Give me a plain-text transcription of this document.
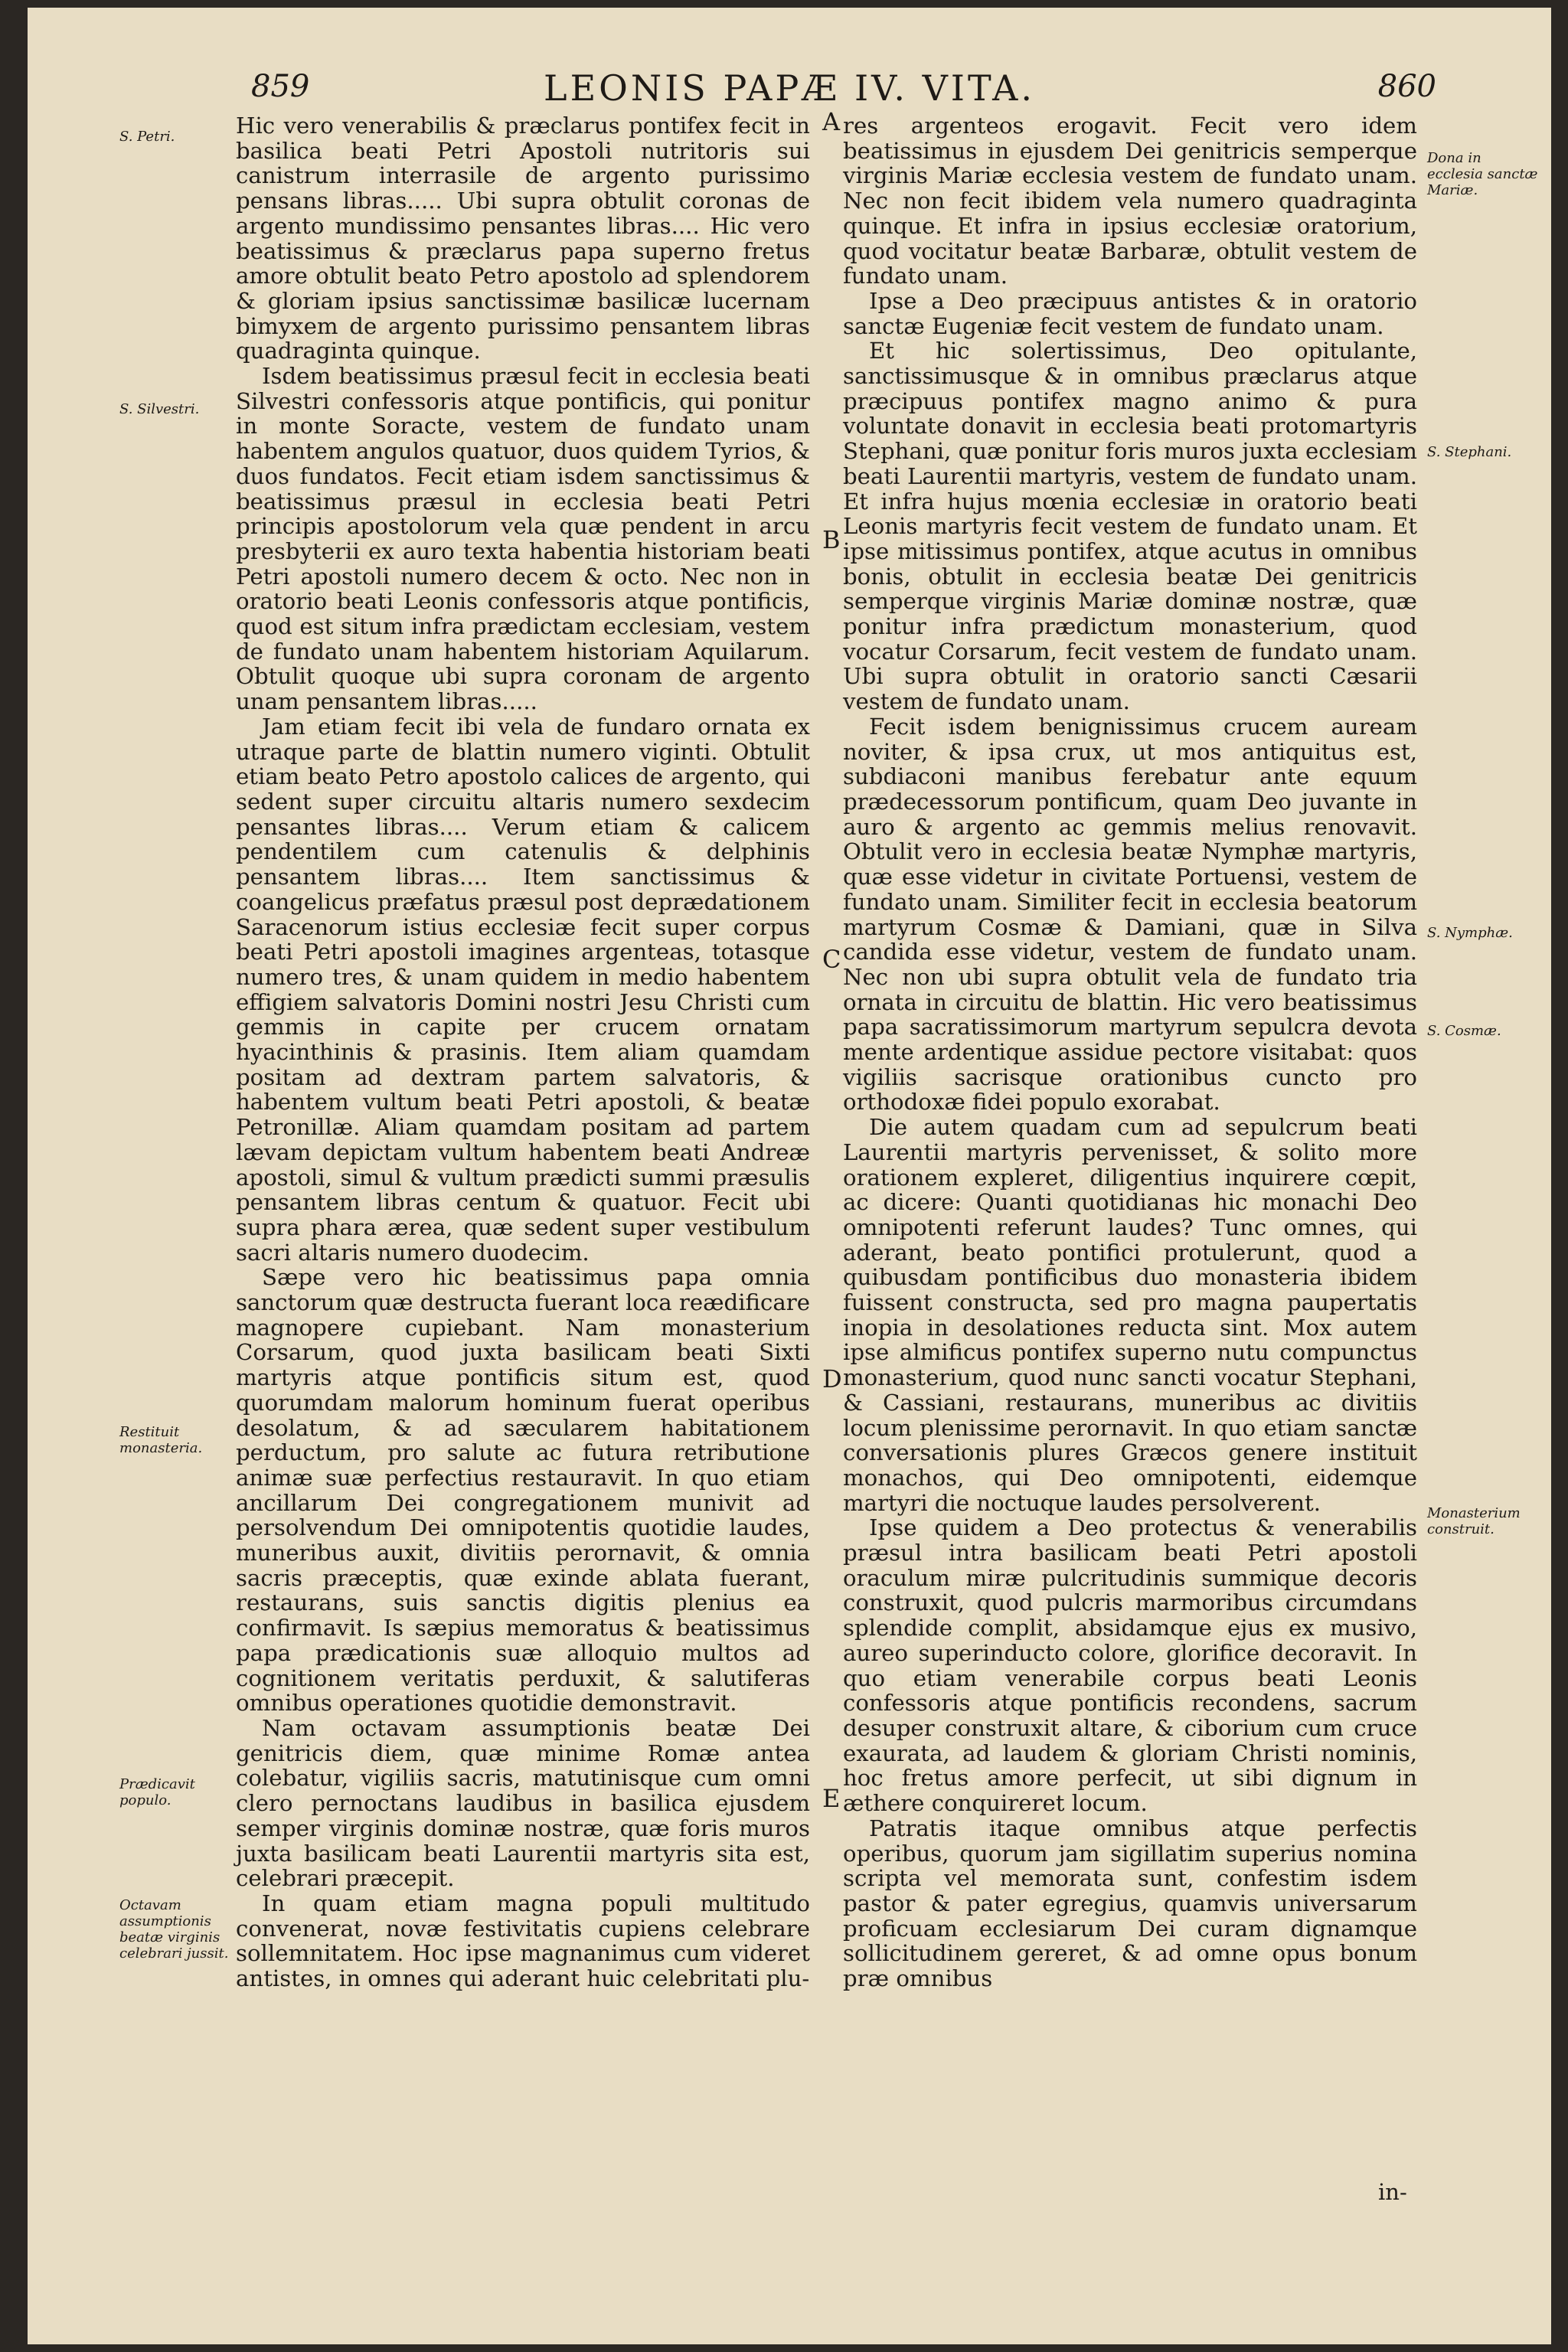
859	LEONIS PAPÆ IV. VITA.	860
S. Petri.
S. Silvestri.
Restituit monasteria.
Prædicavit populo.
Octavam assumptionis beatæ virginis celebrari jussit.
Dona in ecclesia sanctæ Mariæ.
S. Stephani.
S. Nymphæ.
S. Cosmæ.
Monasterium construit.
A
B
C
D
E

Hic vero venerabilis & præclarus pontifex fecit in basilica beati Petri Apostoli nutritoris sui canistrum interrasile de argento purissimo pensans libras..... Ubi supra obtulit coronas de argento mundissimo pensantes libras.... Hic vero beatissimus & præclarus papa superno fretus amore obtulit beato Petro apostolo ad splendorem & gloriam ipsius sanctissimæ basilicæ lucernam bimyxem de argento purissimo pensantem libras quadraginta quinque.

Isdem beatissimus præsul fecit in ecclesia beati Silvestri confessoris atque pontificis, qui ponitur in monte Soracte, vestem de fundato unam habentem angulos quatuor, duos quidem Tyrios, & duos fundatos. Fecit etiam isdem sanctissimus & beatissimus præsul in ecclesia beati Petri principis apostolorum vela quæ pendent in arcu presbyterii ex auro texta habentia historiam beati Petri apostoli numero decem & octo. Nec non in oratorio beati Leonis confessoris atque pontificis, quod est situm infra prædictam ecclesiam, vestem de fundato unam habentem historiam Aquilarum. Obtulit quoque ubi supra coronam de argento unam pensantem libras.....

Jam etiam fecit ibi vela de fundaro ornata ex utraque parte de blattin numero viginti. Obtulit etiam beato Petro apostolo calices de argento, qui sedent super circuitu altaris numero sexdecim pensantes libras.... Verum etiam & calicem pendentilem cum catenulis & delphinis pensantem libras.... Item sanctissimus & coangelicus præfatus præsul post deprædationem Saracenorum istius ecclesiæ fecit super corpus beati Petri apostoli imagines argenteas, totasque numero tres, & unam quidem in medio habentem effigiem salvatoris Domini nostri Jesu Christi cum gemmis in capite per crucem ornatam hyacinthinis & prasinis. Item aliam quamdam positam ad dextram partem salvatoris, & habentem vultum beati Petri apostoli, & beatæ Petronillæ. Aliam quamdam positam ad partem lævam depictam vultum habentem beati Andreæ apostoli, simul & vultum prædicti summi præsulis pensantem libras centum & quatuor. Fecit ubi supra phara ærea, quæ sedent super vestibulum sacri altaris numero duodecim.

Sæpe vero hic beatissimus papa omnia sanctorum quæ destructa fuerant loca reædificare magnopere cupiebant. Nam monasterium Corsarum, quod juxta basilicam beati Sixti martyris atque pontificis situm est, quod quorumdam malorum hominum fuerat operibus desolatum, & ad sæcularem habitationem perductum, pro salute ac futura retributione animæ suæ perfectius restauravit. In quo etiam ancillarum Dei congregationem munivit ad persolvendum Dei omnipotentis quotidie laudes, muneribus auxit, divitiis perornavit, & omnia sacris præceptis, quæ exinde ablata fuerant, restaurans, suis sanctis digitis plenius ea confirmavit. Is sæpius memoratus & beatissimus papa prædicationis suæ alloquio multos ad cognitionem veritatis perduxit, & salutiferas omnibus operationes quotidie demonstravit.

Nam octavam assumptionis beatæ Dei genitricis diem, quæ minime Romæ antea colebatur, vigiliis sacris, matutinisque cum omni clero pernoctans laudibus in basilica ejusdem semper virginis dominæ nostræ, quæ foris muros juxta basilicam beati Laurentii martyris sita est, celebrari præcepit.

In quam etiam magna populi multitudo convenerat, novæ festivitatis cupiens celebrare sollemnitatem. Hoc ipse magnanimus cum videret antistes, in omnes qui aderant huic celebritati plu-

res argenteos erogavit. Fecit vero idem beatissimus in ejusdem Dei genitricis semperque virginis Mariæ ecclesia vestem de fundato unam. Nec non fecit ibidem vela numero quadraginta quinque. Et infra in ipsius ecclesiæ oratorium, quod vocitatur beatæ Barbaræ, obtulit vestem de fundato unam.

Ipse a Deo præcipuus antistes & in oratorio sanctæ Eugeniæ fecit vestem de fundato unam.

Et hic solertissimus, Deo opitulante, sanctissimusque & in omnibus præclarus atque præcipuus pontifex magno animo & pura voluntate donavit in ecclesia beati protomartyris Stephani, quæ ponitur foris muros juxta ecclesiam beati Laurentii martyris, vestem de fundato unam. Et infra hujus mœnia ecclesiæ in oratorio beati Leonis martyris fecit vestem de fundato unam. Et ipse mitissimus pontifex, atque acutus in omnibus bonis, obtulit in ecclesia beatæ Dei genitricis semperque virginis Mariæ dominæ nostræ, quæ ponitur infra prædictum monasterium, quod vocatur Corsarum, fecit vestem de fundato unam. Ubi supra obtulit in oratorio sancti Cæsarii vestem de fundato unam.

Fecit isdem benignissimus crucem auream noviter, & ipsa crux, ut mos antiquitus est, subdiaconi manibus ferebatur ante equum prædecessorum pontificum, quam Deo juvante in auro & argento ac gemmis melius renovavit. Obtulit vero in ecclesia beatæ Nymphæ martyris, quæ esse videtur in civitate Portuensi, vestem de fundato unam. Similiter fecit in ecclesia beatorum martyrum Cosmæ & Damiani, quæ in Silva candida esse videtur, vestem de fundato unam. Nec non ubi supra obtulit vela de fundato tria ornata in circuitu de blattin. Hic vero beatissimus papa sacratissimorum martyrum sepulcra devota mente ardentique assidue pectore visitabat: quos vigiliis sacrisque orationibus cuncto pro orthodoxæ fidei populo exorabat.

Die autem quadam cum ad sepulcrum beati Laurentii martyris pervenisset, & solito more orationem expleret, diligentius inquirere cœpit, ac dicere: Quanti quotidianas hic monachi Deo omnipotenti referunt laudes? Tunc omnes, qui aderant, beato pontifici protulerunt, quod a quibusdam pontificibus duo monasteria ibidem fuissent constructa, sed pro magna paupertatis inopia in desolationes reducta sint. Mox autem ipse almificus pontifex superno nutu compunctus monasterium, quod nunc sancti vocatur Stephani, & Cassiani, restaurans, muneribus ac divitiis locum plenissime perornavit. In quo etiam sanctæ conversationis plures Græcos genere instituit monachos, qui Deo omnipotenti, eidemque martyri die noctuque laudes persolverent.

Ipse quidem a Deo protectus & venerabilis præsul intra basilicam beati Petri apostoli oraculum miræ pulcritudinis summique decoris construxit, quod pulcris marmoribus circumdans splendide complit, absidamque ejus ex musivo, aureo superinducto colore, glorifice decoravit. In quo etiam venerabile corpus beati Leonis confessoris atque pontificis recondens, sacrum desuper construxit altare, & ciborium cum cruce exaurata, ad laudem & gloriam Christi nominis, hoc fretus amore perfecit, ut sibi dignum in æthere conquireret locum.

Patratis itaque omnibus atque perfectis operibus, quorum jam sigillatim superius nomina scripta vel memorata sunt, confestim isdem pastor & pater egregius, quamvis universarum proficuam ecclesiarum Dei curam dignamque sollicitudinem gereret, & ad omne opus bonum præ omnibus

in-
